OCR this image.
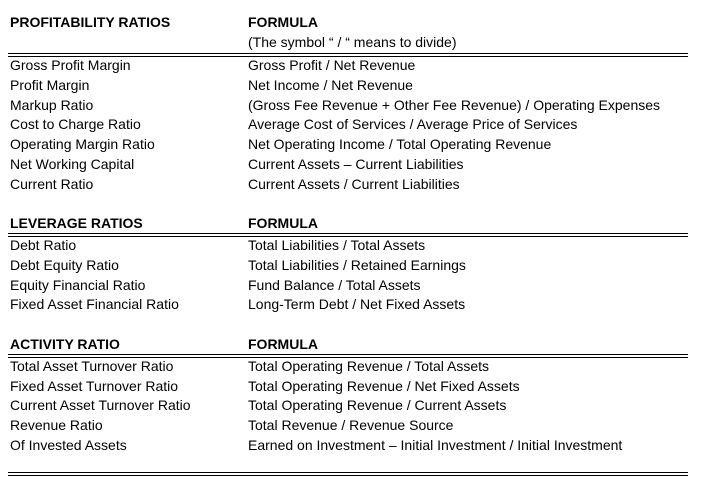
PROFITABILITY RATIOS	FORMULA
(The symbol “ / “ means to divide)
Gross Profit Margin	Gross Profit / Net Revenue
Profit Margin	Net Income / Net Revenue
Markup Ratio	(Gross Fee Revenue + Other Fee Revenue) / Operating Expenses
Cost to Charge Ratio	Average Cost of Services / Average Price of Services
Operating Margin Ratio	Net Operating Income / Total Operating Revenue
Net Working Capital	Current Assets – Current Liabilities
Current Ratio	Current Assets / Current Liabilities
LEVERAGE RATIOS	FORMULA
Debt Ratio	Total Liabilities / Total Assets
Debt Equity Ratio	Total Liabilities / Retained Earnings
Equity Financial Ratio	Fund Balance / Total Assets
Fixed Asset Financial Ratio	Long-Term Debt / Net Fixed Assets
ACTIVITY RATIO	FORMULA
Total Asset Turnover Ratio	Total Operating Revenue / Total Assets
Fixed Asset Turnover Ratio	Total Operating Revenue / Net Fixed Assets
Current Asset Turnover Ratio	Total Operating Revenue / Current Assets
Revenue Ratio	Total Revenue / Revenue Source
Of Invested Assets	Earned on Investment – Initial Investment / Initial Investment
